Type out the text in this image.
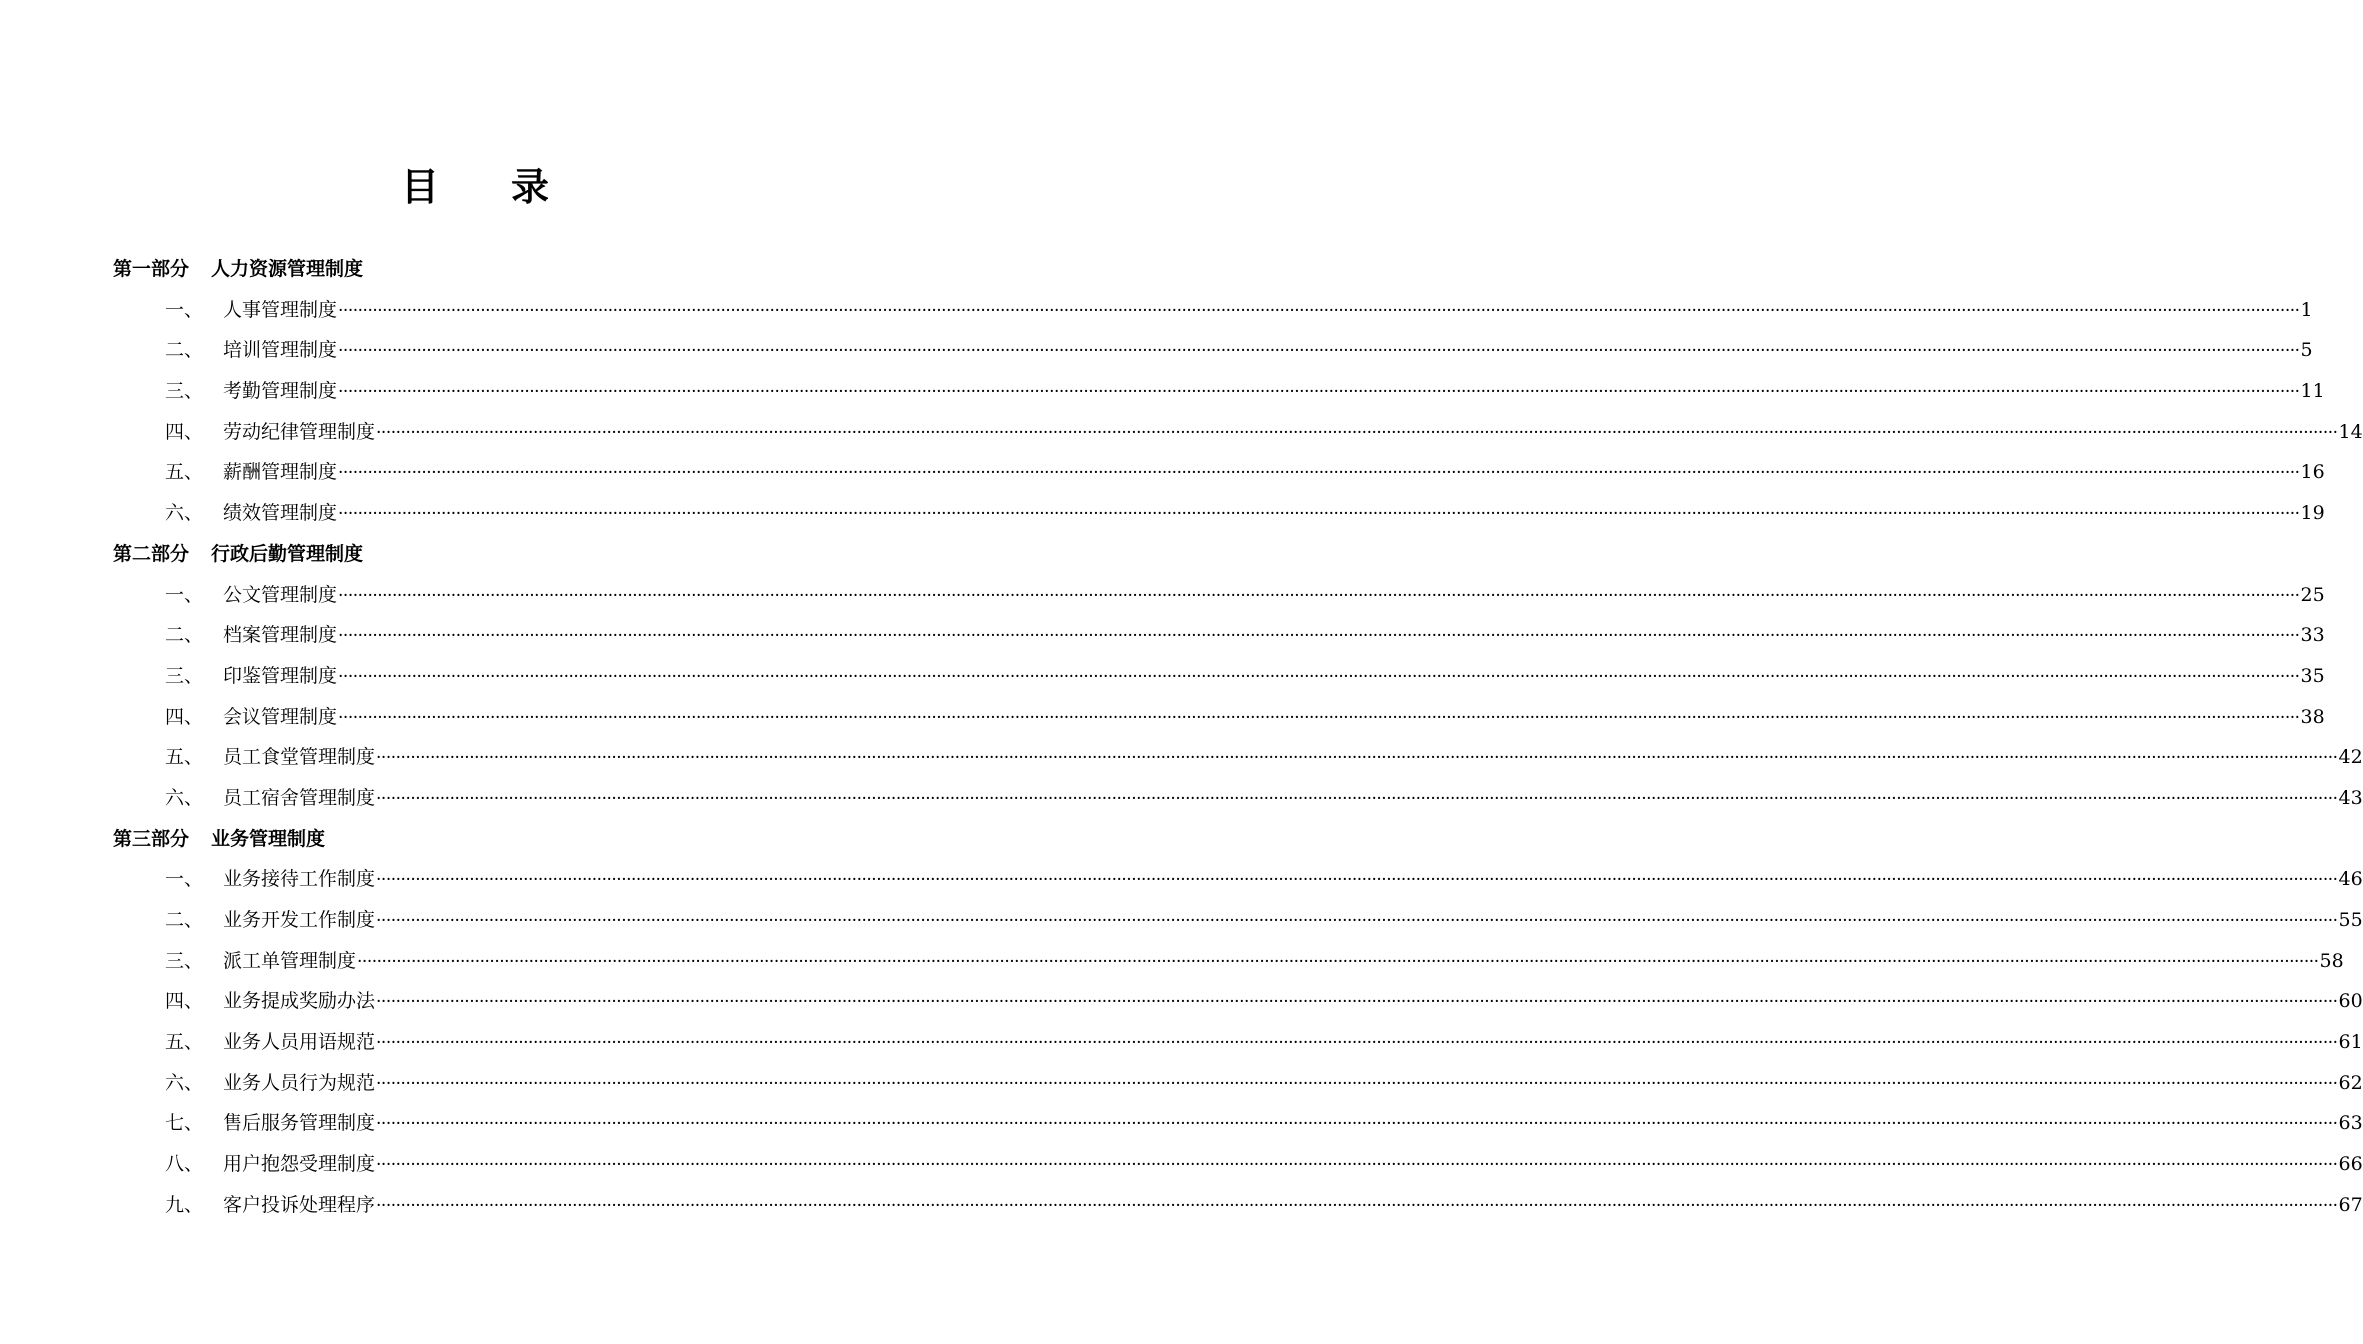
目 录
第一部分 人力资源管理制度
一、 人事管理制度 ················································································································································································································································································································································································································ 1
二、 培训管理制度 ················································································································································································································································································································································································································ 5
三、 考勤管理制度 ················································································································································································································································································································································································································ 11
四、 劳动纪律管理制度 ················································································································································································································································································································································································································ 14
五、 薪酬管理制度 ················································································································································································································································································································································································································ 16
六、 绩效管理制度 ················································································································································································································································································································································································································ 19
第二部分 行政后勤管理制度
一、 公文管理制度 ················································································································································································································································································································································································································ 25
二、 档案管理制度 ················································································································································································································································································································································································································ 33
三、 印鉴管理制度 ················································································································································································································································································································································································································ 35
四、 会议管理制度 ················································································································································································································································································································································································································ 38
五、 员工食堂管理制度 ················································································································································································································································································································································································································ 42
六、 员工宿舍管理制度 ················································································································································································································································································································································································································ 43
第三部分 业务管理制度
一、 业务接待工作制度 ················································································································································································································································································································································································································ 46
二、 业务开发工作制度 ················································································································································································································································································································································································································ 55
三、 派工单管理制度 ················································································································································································································································································································································································································ 58
四、 业务提成奖励办法 ················································································································································································································································································································································································································ 60
五、 业务人员用语规范 ················································································································································································································································································································································································································ 61
六、 业务人员行为规范 ················································································································································································································································································································································································································ 62
七、 售后服务管理制度 ················································································································································································································································································································································································································ 63
八、 用户抱怨受理制度 ················································································································································································································································································································································································································ 66
九、 客户投诉处理程序 ················································································································································································································································································································································································································ 67
